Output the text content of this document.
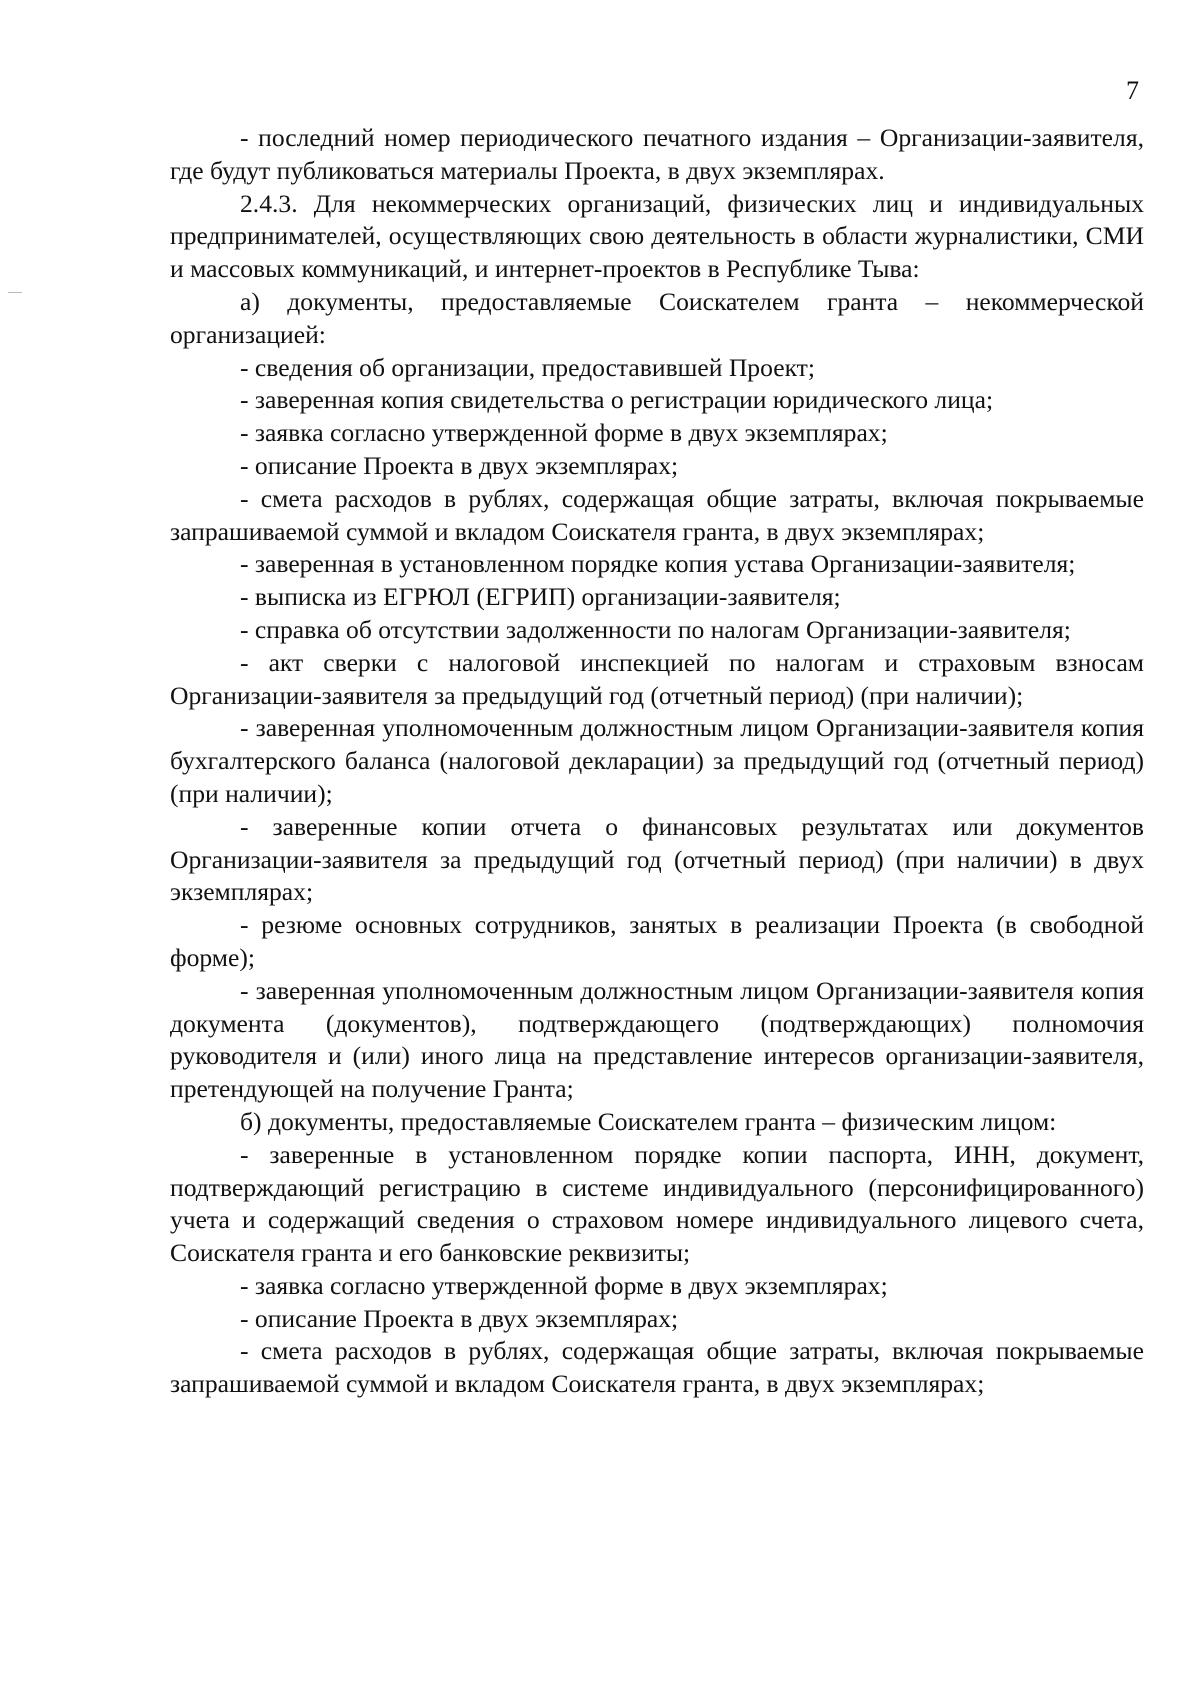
7

- последний номер периодического печатного издания – Организации-заявителя, где будут публиковаться материалы Проекта, в двух экземплярах.

2.4.3. Для некоммерческих организаций, физических лиц и индивидуальных предпринимателей, осуществляющих свою деятельность в области журналистики, СМИ и массовых коммуникаций, и интернет-проектов в Республике Тыва:

а) документы, предоставляемые Соискателем гранта – некоммерческой организацией:

- сведения об организации, предоставившей Проект;

- заверенная копия свидетельства о регистрации юридического лица;

- заявка согласно утвержденной форме в двух экземплярах;

- описание Проекта в двух экземплярах;

- смета расходов в рублях, содержащая общие затраты, включая покрываемые запрашиваемой суммой и вкладом Соискателя гранта, в двух экземплярах;

- заверенная в установленном порядке копия устава Организации-заявителя;

- выписка из ЕГРЮЛ (ЕГРИП) организации-заявителя;

- справка об отсутствии задолженности по налогам Организации-заявителя;

- акт сверки с налоговой инспекцией по налогам и страховым взносам Организации-заявителя за предыдущий год (отчетный период) (при наличии);

- заверенная уполномоченным должностным лицом Организации-заявителя копия бухгалтерского баланса (налоговой декларации) за предыдущий год (отчетный период) (при наличии);

- заверенные копии отчета о финансовых результатах или документов Организации-заявителя за предыдущий год (отчетный период) (при наличии) в двух экземплярах;

- резюме основных сотрудников, занятых в реализации Проекта (в свободной форме);

- заверенная уполномоченным должностным лицом Организации-заявителя копия документа (документов), подтверждающего (подтверждающих) полномочия руководителя и (или) иного лица на представление интересов организации-заявителя, претендующей на получение Гранта;

б) документы, предоставляемые Соискателем гранта – физическим лицом:

- заверенные в установленном порядке копии паспорта, ИНН, документ, подтверждающий регистрацию в системе индивидуального (персонифицированного) учета и содержащий сведения о страховом номере индивидуального лицевого счета, Соискателя гранта и его банковские реквизиты;

- заявка согласно утвержденной форме в двух экземплярах;

- описание Проекта в двух экземплярах;

- смета расходов в рублях, содержащая общие затраты, включая покрываемые запрашиваемой суммой и вкладом Соискателя гранта, в двух экземплярах;
